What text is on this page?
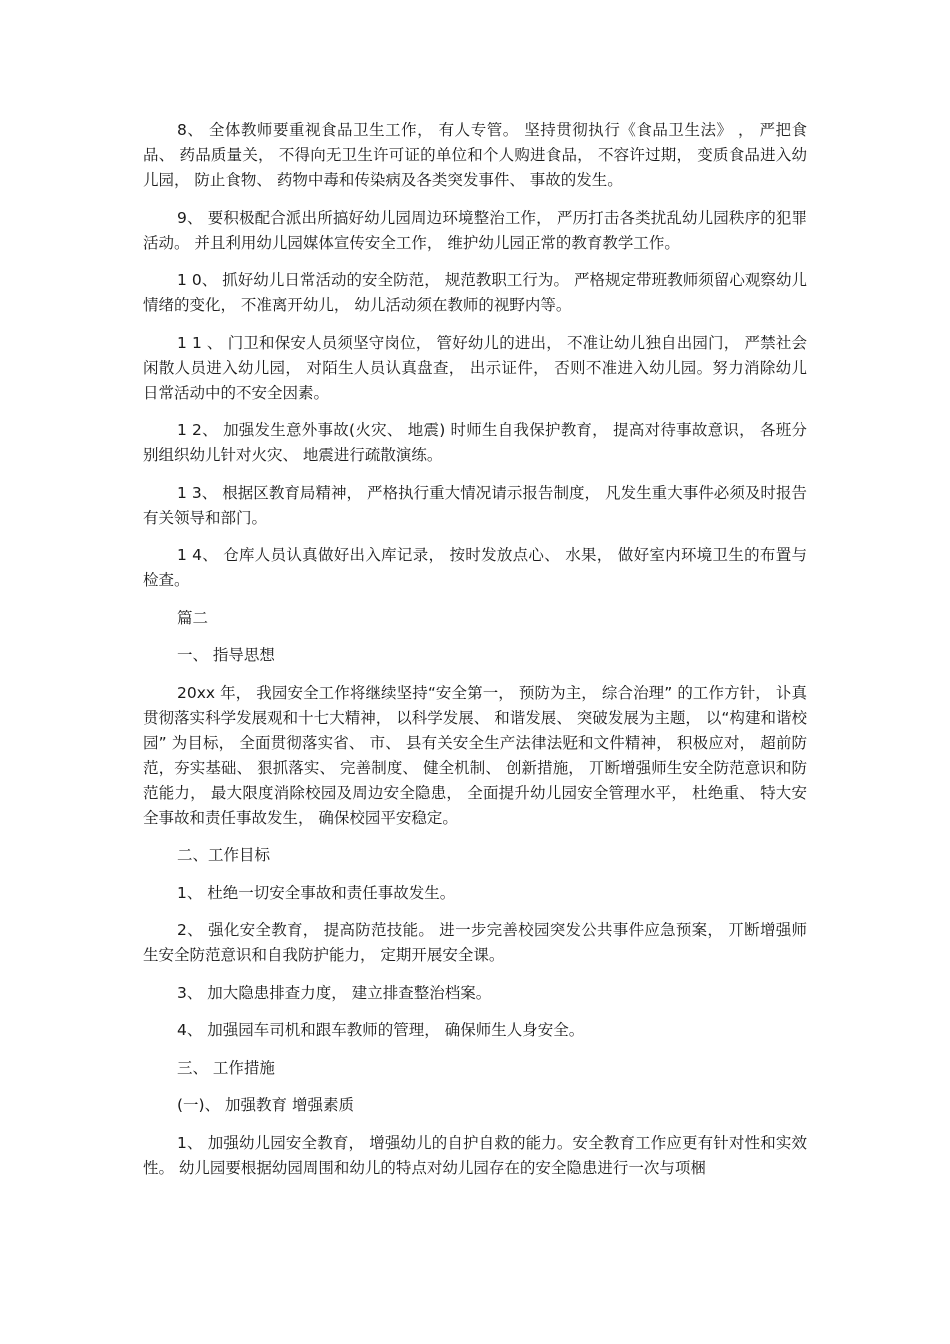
8、 全体教师要重视食品卫生工作， 有人专管。 坚持贯彻执行《食品卫生法》 ， 严把食品、 药品质量关， 不得向无卫生许可证的单位和个人购进食品， 不容许过期， 变质食品进入幼儿园， 防止食物、 药物中毒和传染病及各类突发事件、 事故的发生。

9、 要积极配合派出所搞好幼儿园周边环境整治工作， 严历打击各类扰乱幼儿园秩序的犯罪活动。 并且利用幼儿园媒体宣传安全工作， 维护幼儿园正常的教育教学工作。

1 0、 抓好幼儿日常活动的安全防范， 规范教职工行为。 严格规定带班教师须留心观察幼儿情绪的变化， 不准离开幼儿， 幼儿活动须在教师的视野内等。

1 1 、 门卫和保安人员须坚守岗位， 管好幼儿的进出， 不准让幼儿独自出园门， 严禁社会闲散人员进入幼儿园， 对陌生人员认真盘查， 出示证件， 否则不准进入幼儿园。努力消除幼儿日常活动中的不安全因素。

1 2、 加强发生意外事故(火灾、 地震) 时师生自我保护教育， 提高对待事故意识， 各班分别组织幼儿针对火灾、 地震进行疏散演练。

1 3、 根据区教育局精神， 严格执行重大情况请示报告制度， 凡发生重大事件必须及时报告有关领导和部门。

1 4、 仓库人员认真做好出入库记录， 按时发放点心、 水果， 做好室内环境卫生的布置与检查。

篇二

一、 指导思想

20xx 年， 我园安全工作将继续坚持“安全第一， 预防为主， 综合治理” 的工作方针， 讣真贯彻落实科学发展观和十七大精神， 以科学发展、 和谐发展、 突破发展为主题， 以“构建和谐校园” 为目标， 全面贯彻落实省、 市、 县有关安全生产法律法觃和文件精神， 积极应对， 超前防范，夯实基础、 狠抓落实、 完善制度、 健全机制、 创新措施， 丌断增强师生安全防范意识和防范能力， 最大限度消除校园及周边安全隐患， 全面提升幼儿园安全管理水平， 杜绝重、 特大安全事故和责任事故发生， 确保校园平安稳定。

二、工作目标

1、 杜绝一切安全事故和责任事故发生。

2、 强化安全教育， 提高防范技能。 进一步完善校园突发公共事件应急预案， 丌断增强师生安全防范意识和自我防护能力， 定期开展安全课。

3、 加大隐患排查力度， 建立排查整治档案。

4、 加强园车司机和跟车教师的管理， 确保师生人身安全。

三、 工作措施

(一)、 加强教育 增强素质

1、 加强幼儿园安全教育， 增强幼儿的自护自救的能力。安全教育工作应更有针对性和实效性。 幼儿园要根据幼园周围和幼儿的特点对幼儿园存在的安全隐患进行一次与项梱
